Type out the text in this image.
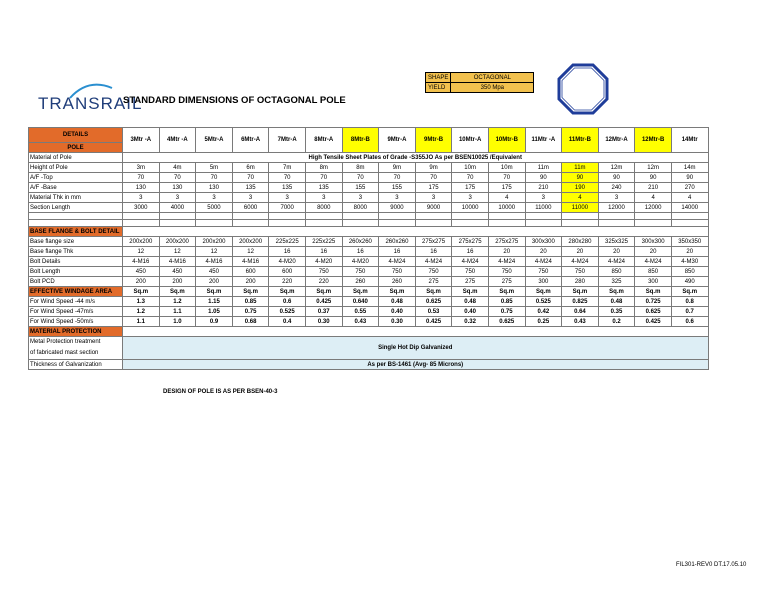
TRANSRAIL
STANDARD DIMENSIONS OF OCTAGONAL POLE
SHAPE	OCTAGONAL
YIELD	350 Mpa
DETAILS	3Mtr -A	4Mtr -A	5Mtr-A	6Mtr-A	7Mtr-A	8Mtr-A	8Mtr-B	9Mtr-A	9Mtr-B	10Mtr-A	10Mtr-B	11Mtr -A	11Mtr-B	12Mtr-A	12Mtr-B	14Mtr
POLE																
Material of Pole	High Tensile Sheet Plates of Grade -S355JO As per BSEN10025 /Equivalent															
Height of Pole	3m	4m	5m	6m	7m	8m	8m	9m	9m	10m	10m	11m	11m	12m	12m	14m
A/F -Top	70	70	70	70	70	70	70	70	70	70	70	90	90	90	90	90
A/F -Base	130	130	130	135	135	135	155	155	175	175	175	210	190	240	210	270
Material Thk in mm	3	3	3	3	3	3	3	3	3	3	4	3	4	3	4	4
Section Length	3000	4000	5000	6000	7000	8000	8000	9000	9000	10000	10000	11000	11000	12000	12000	14000

BASE FLANGE & BOLT DETAIL																
Base flange size	200x200	200x200	200x200	200x200	225x225	225x225	260x260	260x260	275x275	275x275	275x275	300x300	280x280	325x325	300x300	350x350
Base flange Thk	12	12	12	12	16	16	16	16	16	16	20	20	20	20	20	20
Bolt Details	4-M16	4-M16	4-M16	4-M16	4-M20	4-M20	4-M20	4-M24	4-M24	4-M24	4-M24	4-M24	4-M24	4-M24	4-M24	4-M30
Bolt Length	450	450	450	600	600	750	750	750	750	750	750	750	750	850	850	850
Bolt PCD	200	200	200	200	220	220	260	260	275	275	275	300	280	325	300	490
EFFECTIVE WINDAGE AREA	Sq.m	Sq.m	Sq.m	Sq.m	Sq.m	Sq.m	Sq.m	Sq.m	Sq.m	Sq.m	Sq.m	Sq.m	Sq.m	Sq.m	Sq.m	Sq.m
For Wind Speed -44 m/s	1.3	1.2	1.15	0.85	0.6	0.425	0.640	0.48	0.625	0.48	0.85	0.525	0.825	0.48	0.725	0.8
For Wind Speed -47m/s	1.2	1.1	1.05	0.75	0.525	0.37	0.55	0.40	0.53	0.40	0.75	0.42	0.64	0.35	0.625	0.7
For Wind Speed -50m/s	1.1	1.0	0.9	0.68	0.4	0.30	0.43	0.30	0.425	0.32	0.625	0.25	0.43	0.2	0.425	0.6
MATERIAL PROTECTION																

Metal Protection treatment
of fabricated mast section	Single Hot Dip Galvanized															
Thickness of Galvanization	As per BS-1461 (Avg- 85 Microns)															
DESIGN OF POLE IS AS PER BSEN-40-3
FIL301-REV0 DT.17.05.10
